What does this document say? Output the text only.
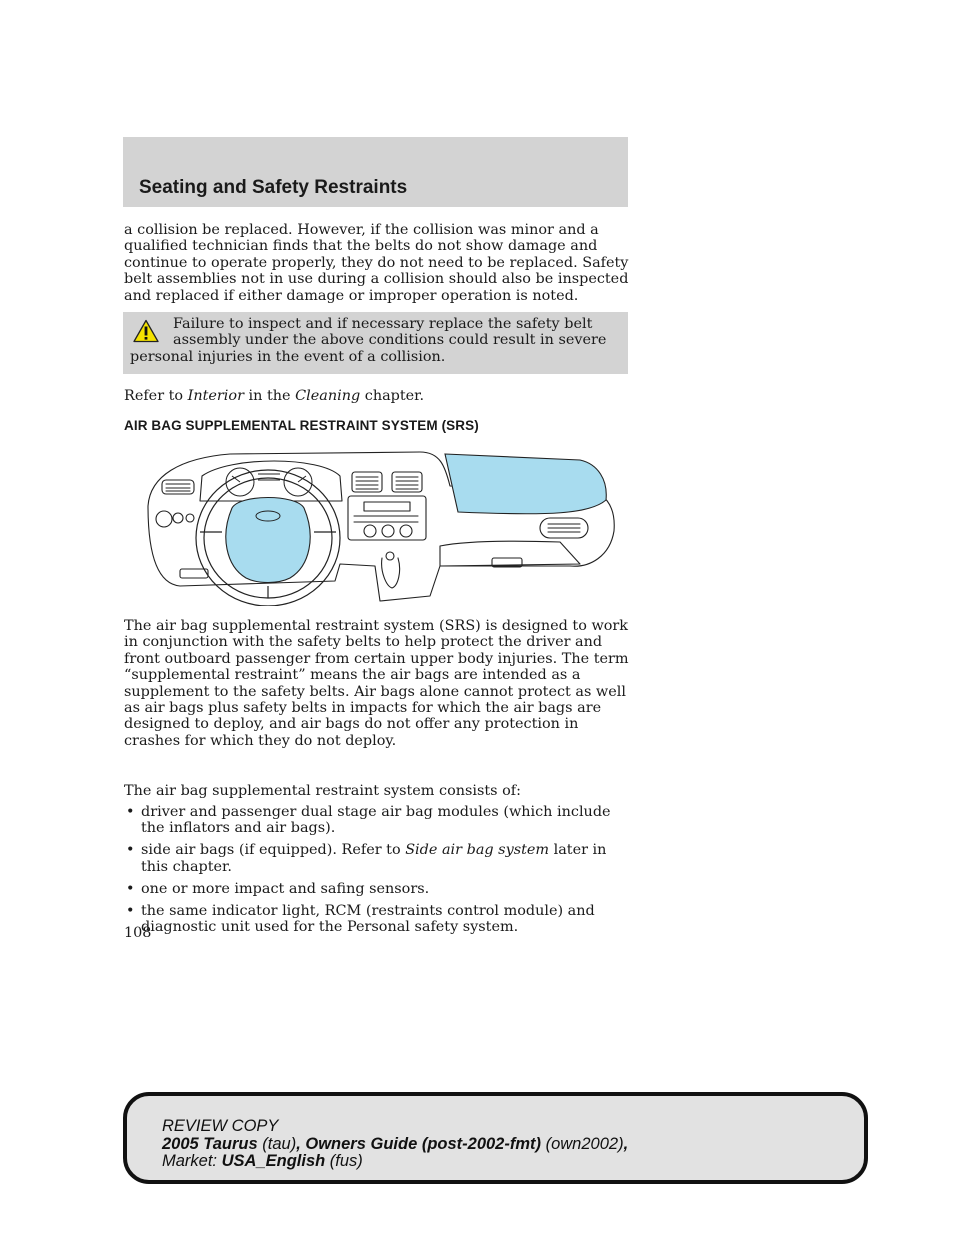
Seating and Safety Restraints

a collision be replaced. However, if the collision was minor and a qualified technician finds that the belts do not show damage and continue to operate properly, they do not need to be replaced. Safety belt assemblies not in use during a collision should also be inspected and replaced if either damage or improper operation is noted.

Failure to inspect and if necessary replace the safety belt assembly under the above conditions could result in severe personal injuries in the event of a collision.

Refer to Interior in the Cleaning chapter.

AIR BAG SUPPLEMENTAL RESTRAINT SYSTEM (SRS)

The air bag supplemental restraint system (SRS) is designed to work in conjunction with the safety belts to help protect the driver and front outboard passenger from certain upper body injuries. The term “supplemental restraint” means the air bags are intended as a supplement to the safety belts. Air bags alone cannot protect as well as air bags plus safety belts in impacts for which the air bags are designed to deploy, and air bags do not offer any protection in crashes for which they do not deploy.

The air bag supplemental restraint system consists of:

• driver and passenger dual stage air bag modules (which include the inflators and air bags).
• side air bags (if equipped). Refer to Side air bag system later in this chapter.
• one or more impact and safing sensors.
• the same indicator light, RCM (restraints control module) and diagnostic unit used for the Personal safety system.
108
REVIEW COPY
2005 Taurus (tau), Owners Guide (post-2002-fmt) (own2002),
Market: USA_English (fus)
